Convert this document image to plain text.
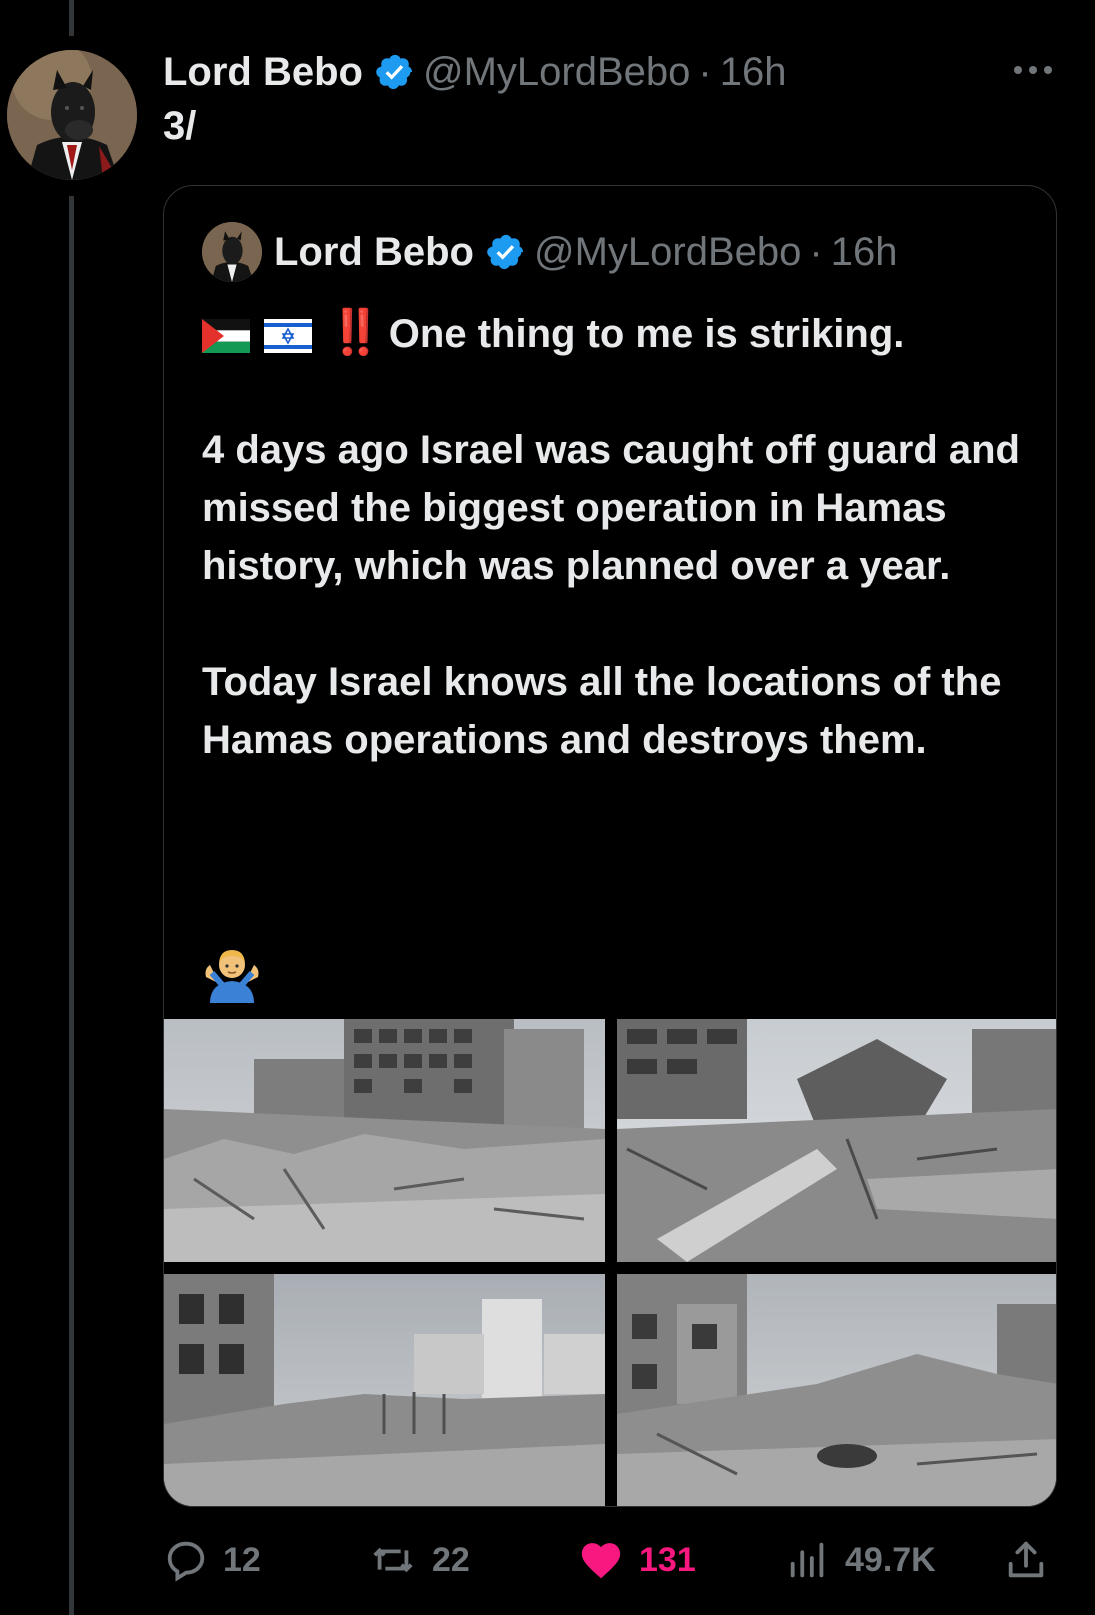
Lord Bebo @MyLordBebo · 16h
3/
Lord Bebo @MyLordBebo · 16h

‼️ One thing to me is striking.

4 days ago Israel was caught off guard and missed the biggest operation in Hamas history, which was planned over a year.

Today Israel knows all the locations of the Hamas operations and destroys them.

12	22	131	49.7K
